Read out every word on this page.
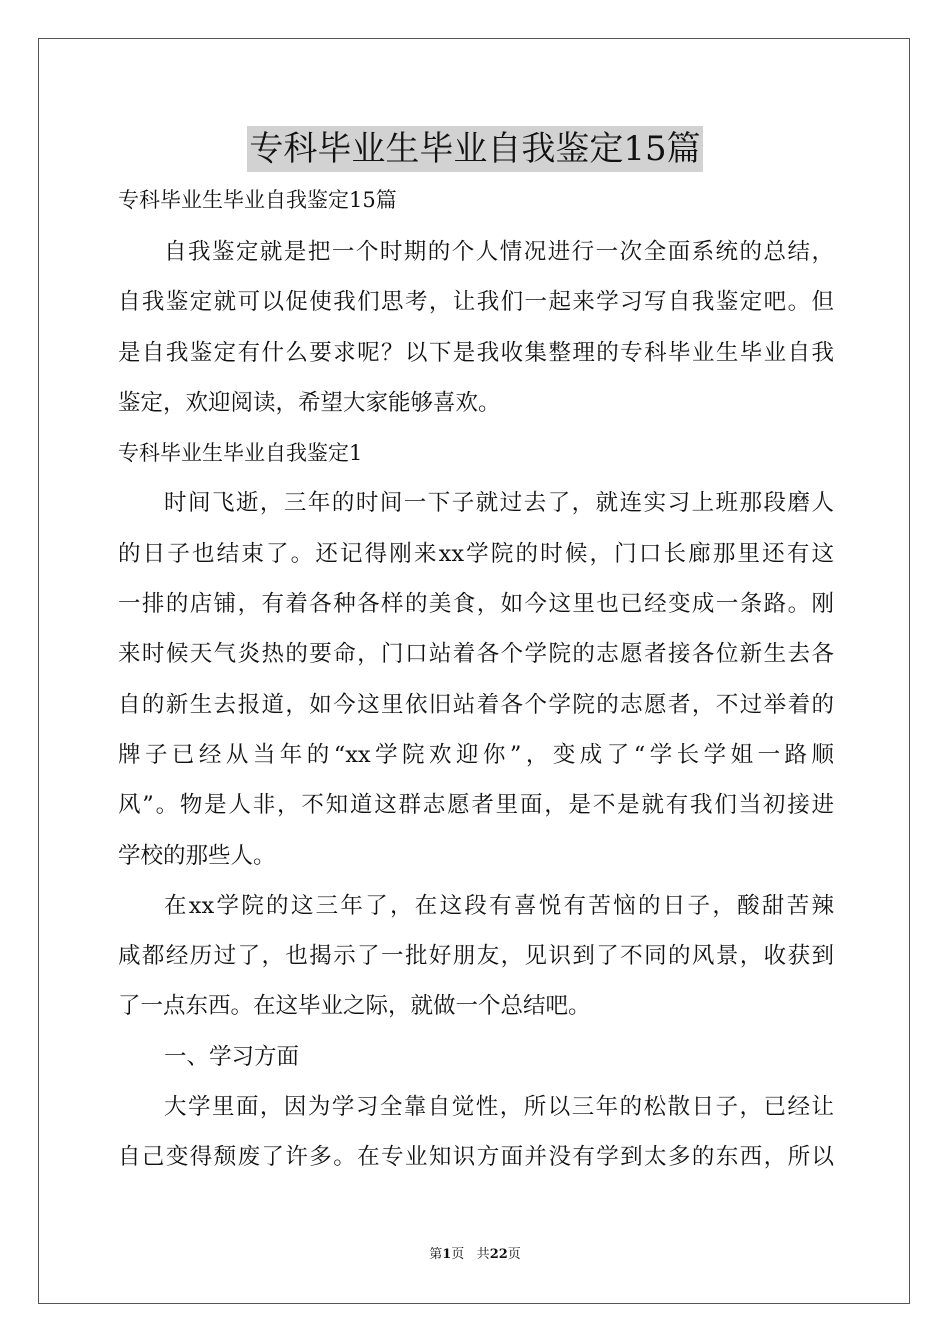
专科毕业生毕业自我鉴定15篇
专科毕业生毕业自我鉴定15篇
自我鉴定就是把一个时期的个人情况进行一次全面系统的总结，
自我鉴定就可以促使我们思考，让我们一起来学习写自我鉴定吧。但
是自我鉴定有什么要求呢？以下是我收集整理的专科毕业生毕业自我
鉴定，欢迎阅读，希望大家能够喜欢。
专科毕业生毕业自我鉴定1
时间飞逝，三年的时间一下子就过去了，就连实习上班那段磨人
的日子也结束了。还记得刚来xx学院的时候，门口长廊那里还有这
一排的店铺，有着各种各样的美食，如今这里也已经变成一条路。刚
来时候天气炎热的要命，门口站着各个学院的志愿者接各位新生去各
自的新生去报道，如今这里依旧站着各个学院的志愿者，不过举着的
牌子已经从当年的“xx学院欢迎你”，变成了“学长学姐一路顺
风”。物是人非，不知道这群志愿者里面，是不是就有我们当初接进
学校的那些人。
在xx学院的这三年了，在这段有喜悦有苦恼的日子，酸甜苦辣
咸都经历过了，也揭示了一批好朋友，见识到了不同的风景，收获到
了一点东西。在这毕业之际，就做一个总结吧。
一、学习方面
大学里面，因为学习全靠自觉性，所以三年的松散日子，已经让
自己变得颓废了许多。在专业知识方面并没有学到太多的东西，所以
第1页 共22页
